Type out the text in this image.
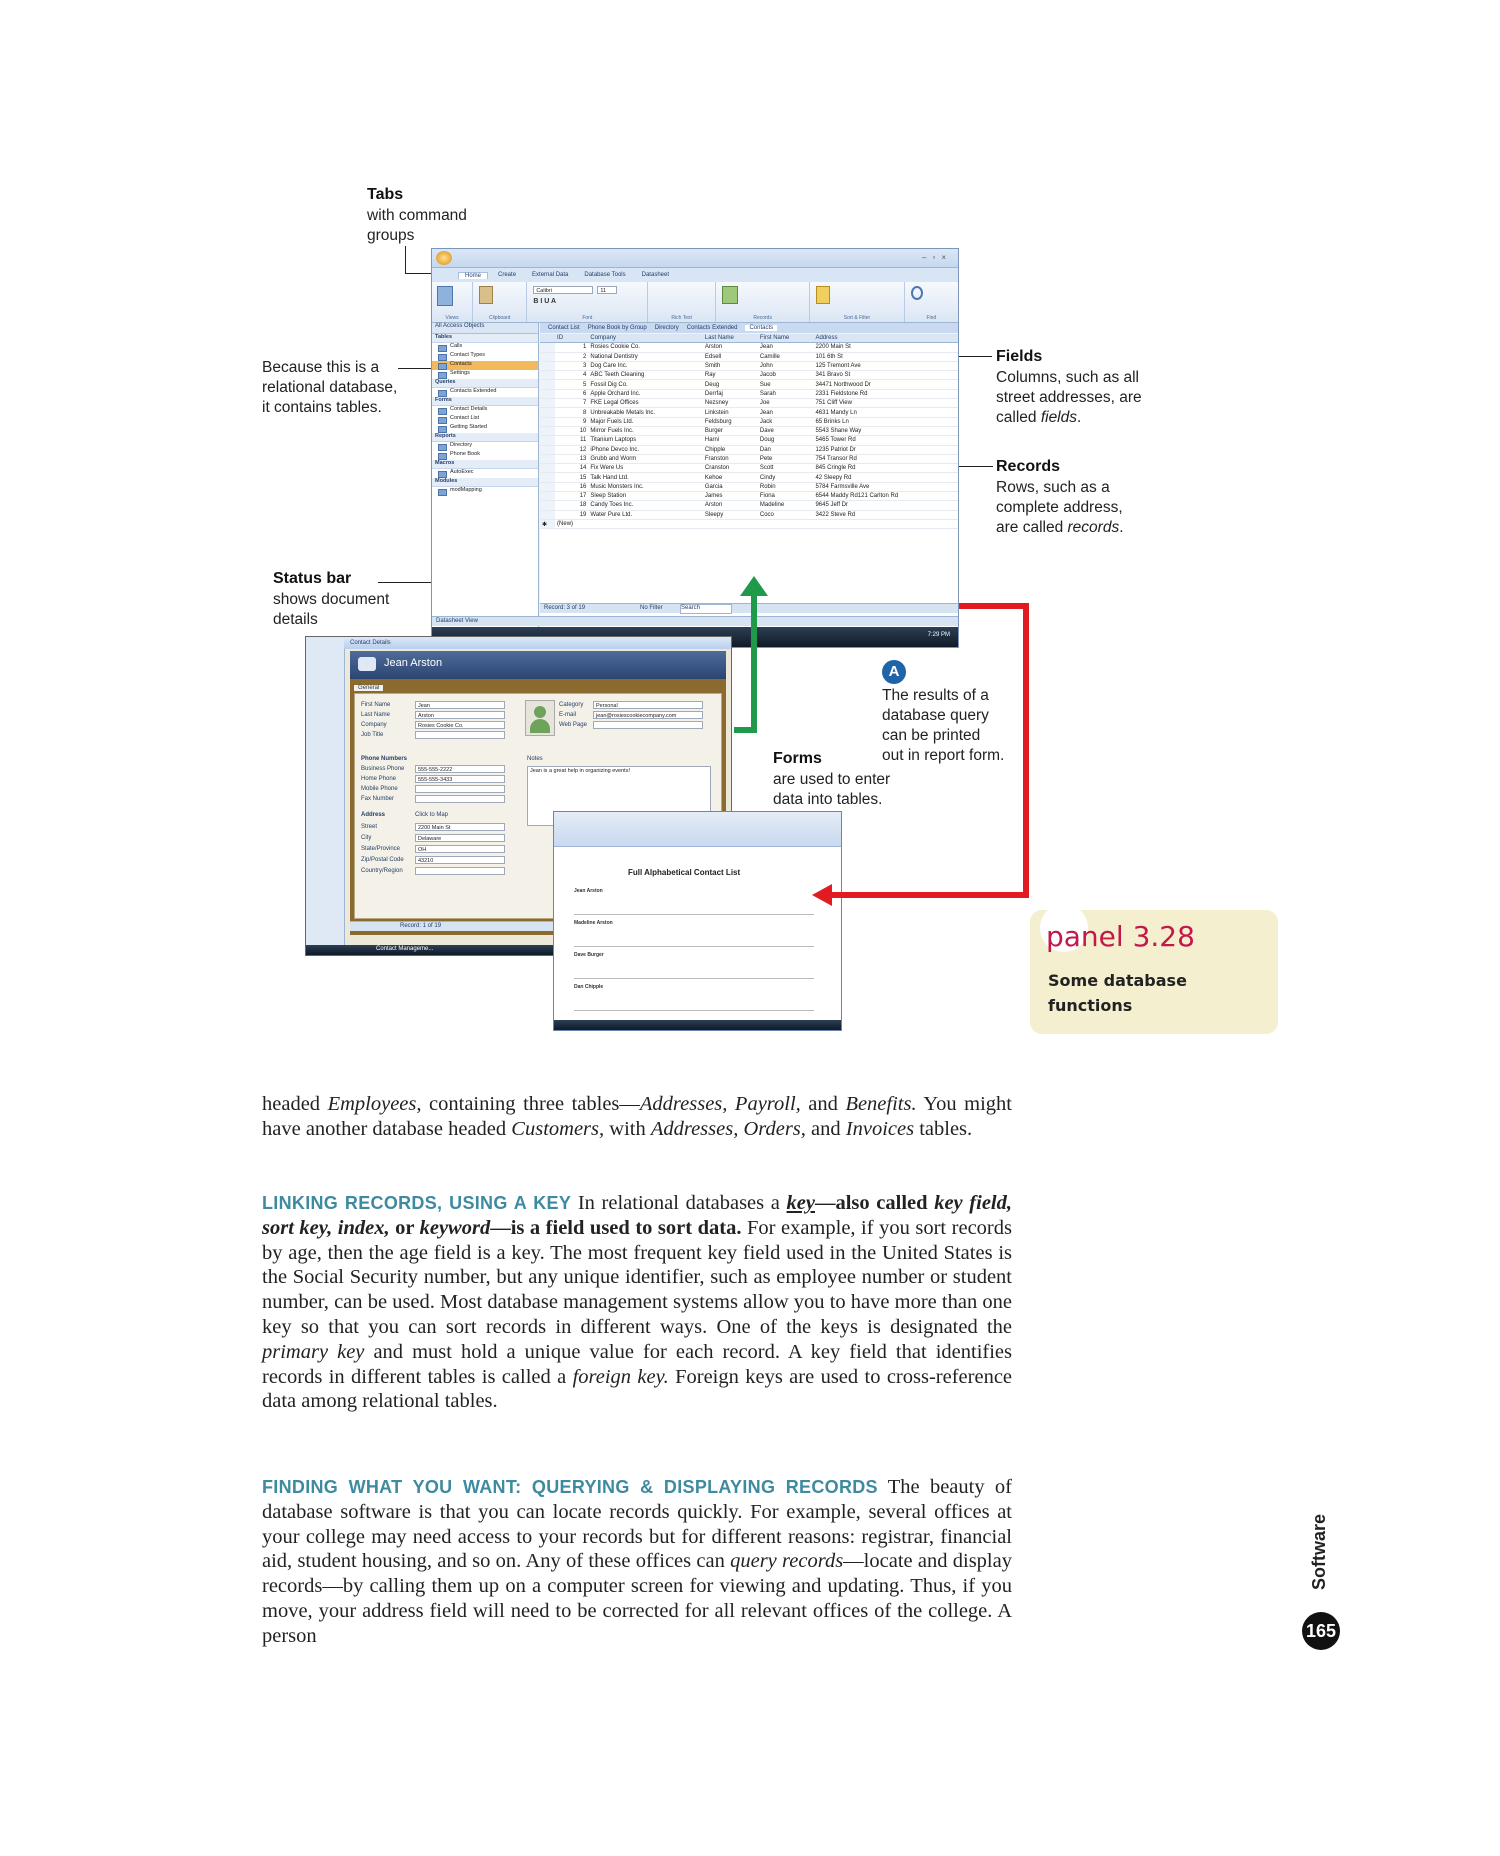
Tabs
with command
groups
Because this is a
relational database,
it contains tables.
Fields
Columns, such as all
street addresses, are
called fields.
Records
Rows, such as a
complete address,
are called records.
Status bar
shows document
details
A
The results of a
database query
can be printed
out in report form.
Forms
are used to enter
data into tables.
–▫×
Home	Create	External Data	Database Tools	Datasheet
Views	Clipboard
Calibri	11
B I U A
Font	Rich Text	Records	Sort & Filter	Find
All Access Objects
Tables
Calls
Contact Types
Contacts
Settings
Queries
Contacts Extended
Forms
Contact Details
Contact List
Getting Started
Reports
Directory
Phone Book
Macros
AutoExec
Modules
modMapping
Contact List Phone Book by Group Directory Contacts Extended	Contacts
	ID	Company	Last Name	First Name	Address
	1	Rosies Cookie Co.	Arston	Jean	2200 Main St
	2	National Dentistry	Edsell	Camille	101 6th St
	3	Dog Care Inc.	Smith	John	125 Tremont Ave
	4	ABC Teeth Cleaning	Ray	Jacob	341 Bravo St
	5	Fossil Dig Co.	Deug	Sue	34471 Northwood Dr
	6	Apple Orchard Inc.	Derrfaj	Sarah	2331 Fieldstone Rd
	7	FKE Legal Offices	Nezsney	Joe	751 Cliff View
	8	Unbreakable Metals Inc.	Linkstein	Jean	4631 Mandy Ln
	9	Major Fuels Ltd.	Feldsburg	Jack	65 Brinks Ln
	10	Mirror Fuels Inc.	Burger	Dave	5543 Shane Way
	11	Titanium Laptops	Harni	Doug	5465 Tower Rd
	12	iPhone Devco Inc.	Chipple	Dan	1235 Patriot Dr
	13	Grubb and Worm	Franston	Pete	754 Transor Rd
	14	Fix Were Us	Cranston	Scott	845 Cringle Rd
	15	Talk Hand Ltd.	Kehoe	Cindy	42 Sleepy Rd
	16	Music Monsters Inc.	Garcia	Robin	5784 Farmsville Ave
	17	Sleep Station	James	Fiona	6544 Maddy Rd121 Carlton Rd
	18	Candy Toes Inc.	Arston	Madeline	9645 Jeff Dr
	19	Water Pure Ltd.	Sleepy	Coco	3422 Steve Rd
✱	(New)				
Record: 3 of 19	No Filter	Search
Datasheet View
7:29 PM
Contact Details
Jean Arston
General
Phone Numbers	Notes
Jean is a great help in organizing events!
Address	Click to Map
First Name	Jean
Last Name	Arston
Company	Rosies Cookie Co.
Job Title
Category	Personal
E-mail	jean@rosiescookiecompany.com
Web Page
Business Phone	555-555-2222
Home Phone	555-555-3433
Mobile Phone
Fax Number
Street	2200 Main St
City	Delaware
State/Province	OH
Zip/Postal Code	43210
Country/Region
Record: 1 of 19
Contact Manageme...
Full Alphabetical Contact List
Jean Arston
Madeline Arston
Dave Burger
Dan Chipple
panel 3.28
Some database
functions

headed Employees, containing three tables—Addresses, Payroll, and Benefits. You might have another database headed Customers, with Addresses, Orders, and Invoices tables.

LINKING RECORDS, USING A KEY In relational databases a key—also called key field, sort key, index, or keyword—is a field used to sort data. For example, if you sort records by age, then the age field is a key. The most frequent key field used in the United States is the Social Security number, but any unique identifier, such as employee number or student number, can be used. Most database management systems allow you to have more than one key so that you can sort records in different ways. One of the keys is designated the primary key and must hold a unique value for each record. A key field that identifies records in different tables is called a foreign key. Foreign keys are used to cross-reference data among relational tables.

FINDING WHAT YOU WANT: QUERYING & DISPLAYING RECORDS The beauty of database software is that you can locate records quickly. For example, several offices at your college may need access to your records but for different reasons: registrar, financial aid, student housing, and so on. Any of these offices can query records—locate and display records—by calling them up on a computer screen for viewing and updating. Thus, if you move, your address field will need to be corrected for all relevant offices of the college. A person

Software
165
